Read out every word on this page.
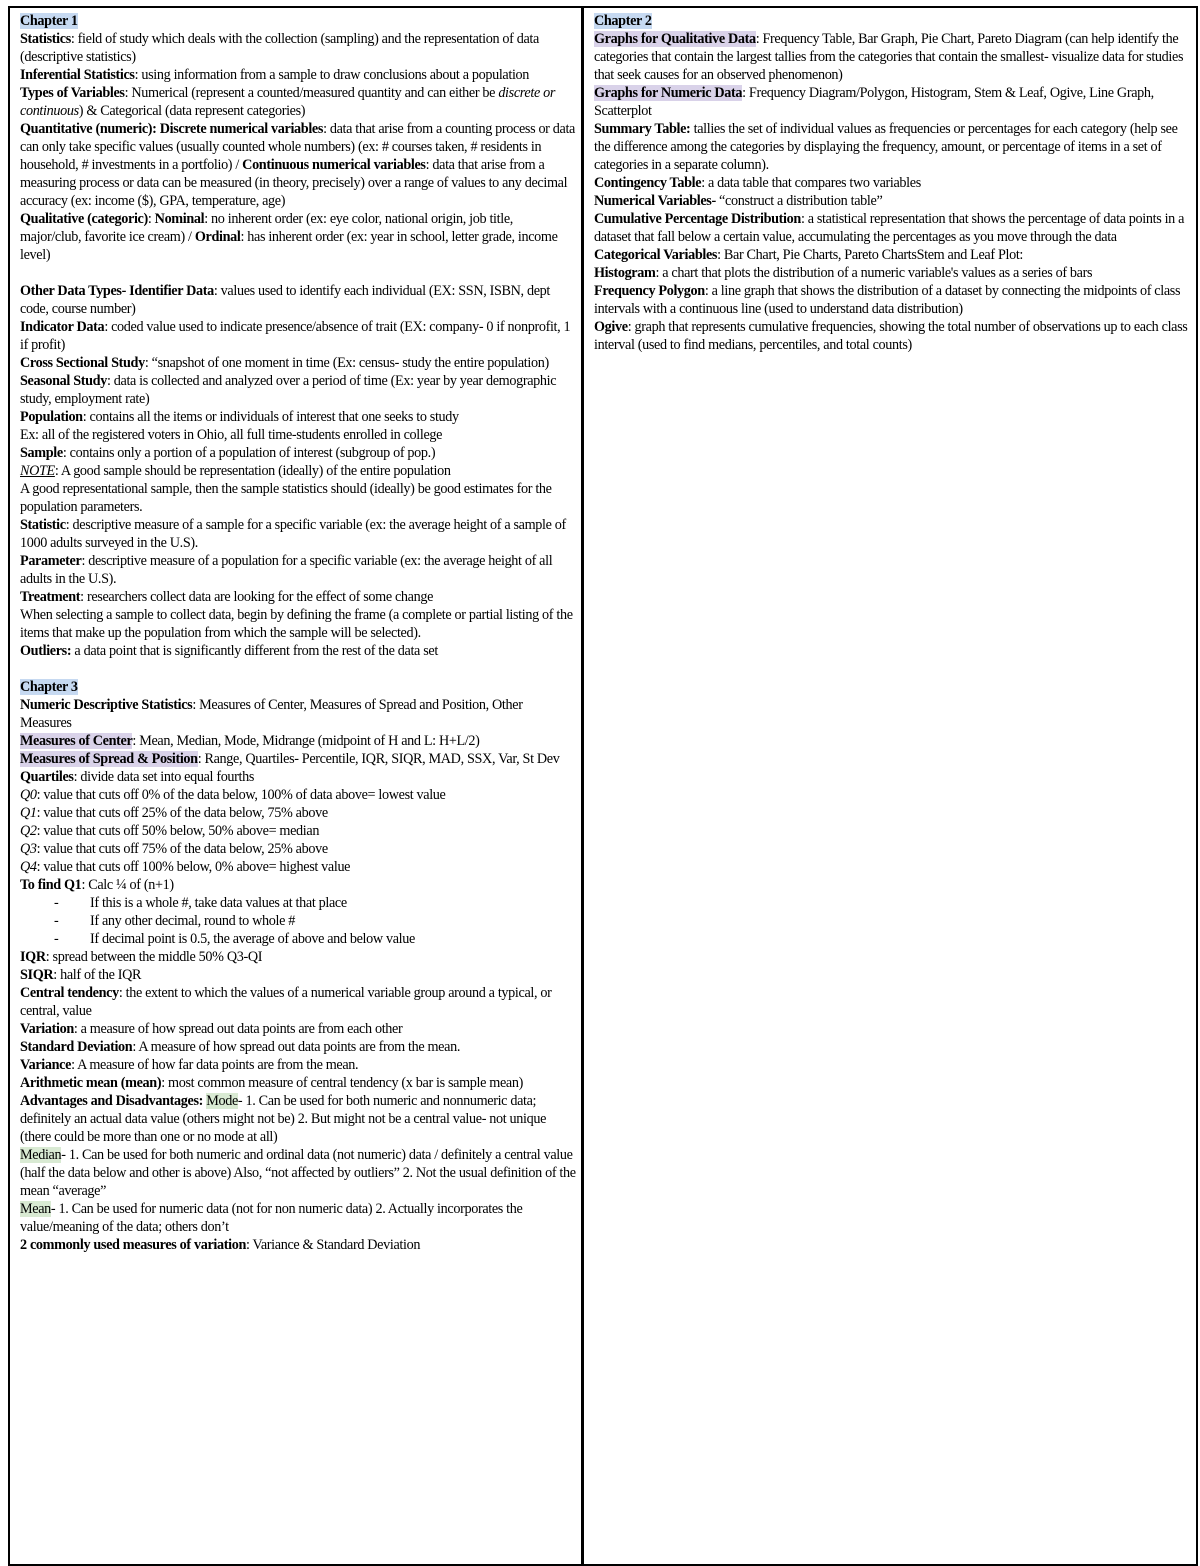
Chapter 1

Statistics: field of study which deals with the collection (sampling) and the representation of data (descriptive statistics)

Inferential Statistics: using information from a sample to draw conclusions about a population

Types of Variables: Numerical (represent a counted/measured quantity and can either be discrete or continuous) & Categorical (data represent categories)

Quantitative (numeric): Discrete numerical variables: data that arise from a counting process or data can only take specific values (usually counted whole numbers) (ex: # courses taken, # residents in household, # investments in a portfolio) / Continuous numerical variables: data that arise from a measuring process or data can be measured (in theory, precisely) over a range of values to any decimal accuracy (ex: income ($), GPA, temperature, age)

Qualitative (categoric): Nominal: no inherent order (ex: eye color, national origin, job title, major/club, favorite ice cream) / Ordinal: has inherent order (ex: year in school, letter grade, income level)

Other Data Types- Identifier Data: values used to identify each individual (EX: SSN, ISBN, dept code, course number)

Indicator Data: coded value used to indicate presence/absence of trait (EX: company- 0 if nonprofit, 1 if profit)

Cross Sectional Study: “snapshot of one moment in time (Ex: census- study the entire population)

Seasonal Study: data is collected and analyzed over a period of time (Ex: year by year demographic study, employment rate)

Population: contains all the items or individuals of interest that one seeks to study

Ex: all of the registered voters in Ohio, all full time-students enrolled in college

Sample: contains only a portion of a population of interest (subgroup of pop.)

NOTE: A good sample should be representation (ideally) of the entire population

A good representational sample, then the sample statistics should (ideally) be good estimates for the population parameters.

Statistic: descriptive measure of a sample for a specific variable (ex: the average height of a sample of 1000 adults surveyed in the U.S).

Parameter: descriptive measure of a population for a specific variable (ex: the average height of all adults in the U.S).

Treatment: researchers collect data are looking for the effect of some change

When selecting a sample to collect data, begin by defining the frame (a complete or partial listing of the items that make up the population from which the sample will be selected).

Outliers: a data point that is significantly different from the rest of the data set

Chapter 3

Numeric Descriptive Statistics: Measures of Center, Measures of Spread and Position, Other Measures

Measures of Center: Mean, Median, Mode, Midrange (midpoint of H and L: H+L/2)

Measures of Spread & Position: Range, Quartiles- Percentile, IQR, SIQR, MAD, SSX, Var, St Dev

Quartiles: divide data set into equal fourths

Q0: value that cuts off 0% of the data below, 100% of data above= lowest value

Q1: value that cuts off 25% of the data below, 75% above

Q2: value that cuts off 50% below, 50% above= median

Q3: value that cuts off 75% of the data below, 25% above

Q4: value that cuts off 100% below, 0% above= highest value

To find Q1: Calc ¼ of (n+1)

- If this is a whole #, take data values at that place
- If any other decimal, round to whole #
- If decimal point is 0.5, the average of above and below value

IQR: spread between the middle 50% Q3-QI

SIQR: half of the IQR

Central tendency: the extent to which the values of a numerical variable group around a typical, or central, value

Variation: a measure of how spread out data points are from each other

Standard Deviation: A measure of how spread out data points are from the mean.

Variance: A measure of how far data points are from the mean.

Arithmetic mean (mean): most common measure of central tendency (x bar is sample mean)

Advantages and Disadvantages: Mode- 1. Can be used for both numeric and nonnumeric data; definitely an actual data value (others might not be) 2. But might not be a central value- not unique (there could be more than one or no mode at all)

Median- 1. Can be used for both numeric and ordinal data (not numeric) data / definitely a central value (half the data below and other is above) Also, “not affected by outliers” 2. Not the usual definition of the mean “average”

Mean- 1. Can be used for numeric data (not for non numeric data) 2. Actually incorporates the value/meaning of the data; others don’t

2 commonly used measures of variation: Variance & Standard Deviation

Chapter 2

Graphs for Qualitative Data: Frequency Table, Bar Graph, Pie Chart, Pareto Diagram (can help identify the categories that contain the largest tallies from the categories that contain the smallest- visualize data for studies that seek causes for an observed phenomenon)

Graphs for Numeric Data: Frequency Diagram/Polygon, Histogram, Stem & Leaf, Ogive, Line Graph, Scatterplot

Summary Table: tallies the set of individual values as frequencies or percentages for each category (help see the difference among the categories by displaying the frequency, amount, or percentage of items in a set of categories in a separate column).

Contingency Table: a data table that compares two variables

Numerical Variables- “construct a distribution table”

Cumulative Percentage Distribution: a statistical representation that shows the percentage of data points in a dataset that fall below a certain value, accumulating the percentages as you move through the data

Categorical Variables: Bar Chart, Pie Charts, Pareto ChartsStem and Leaf Plot:

Histogram: a chart that plots the distribution of a numeric variable's values as a series of bars

Frequency Polygon: a line graph that shows the distribution of a dataset by connecting the midpoints of class intervals with a continuous line (used to understand data distribution)

Ogive: graph that represents cumulative frequencies, showing the total number of observations up to each class interval (used to find medians, percentiles, and total counts)
